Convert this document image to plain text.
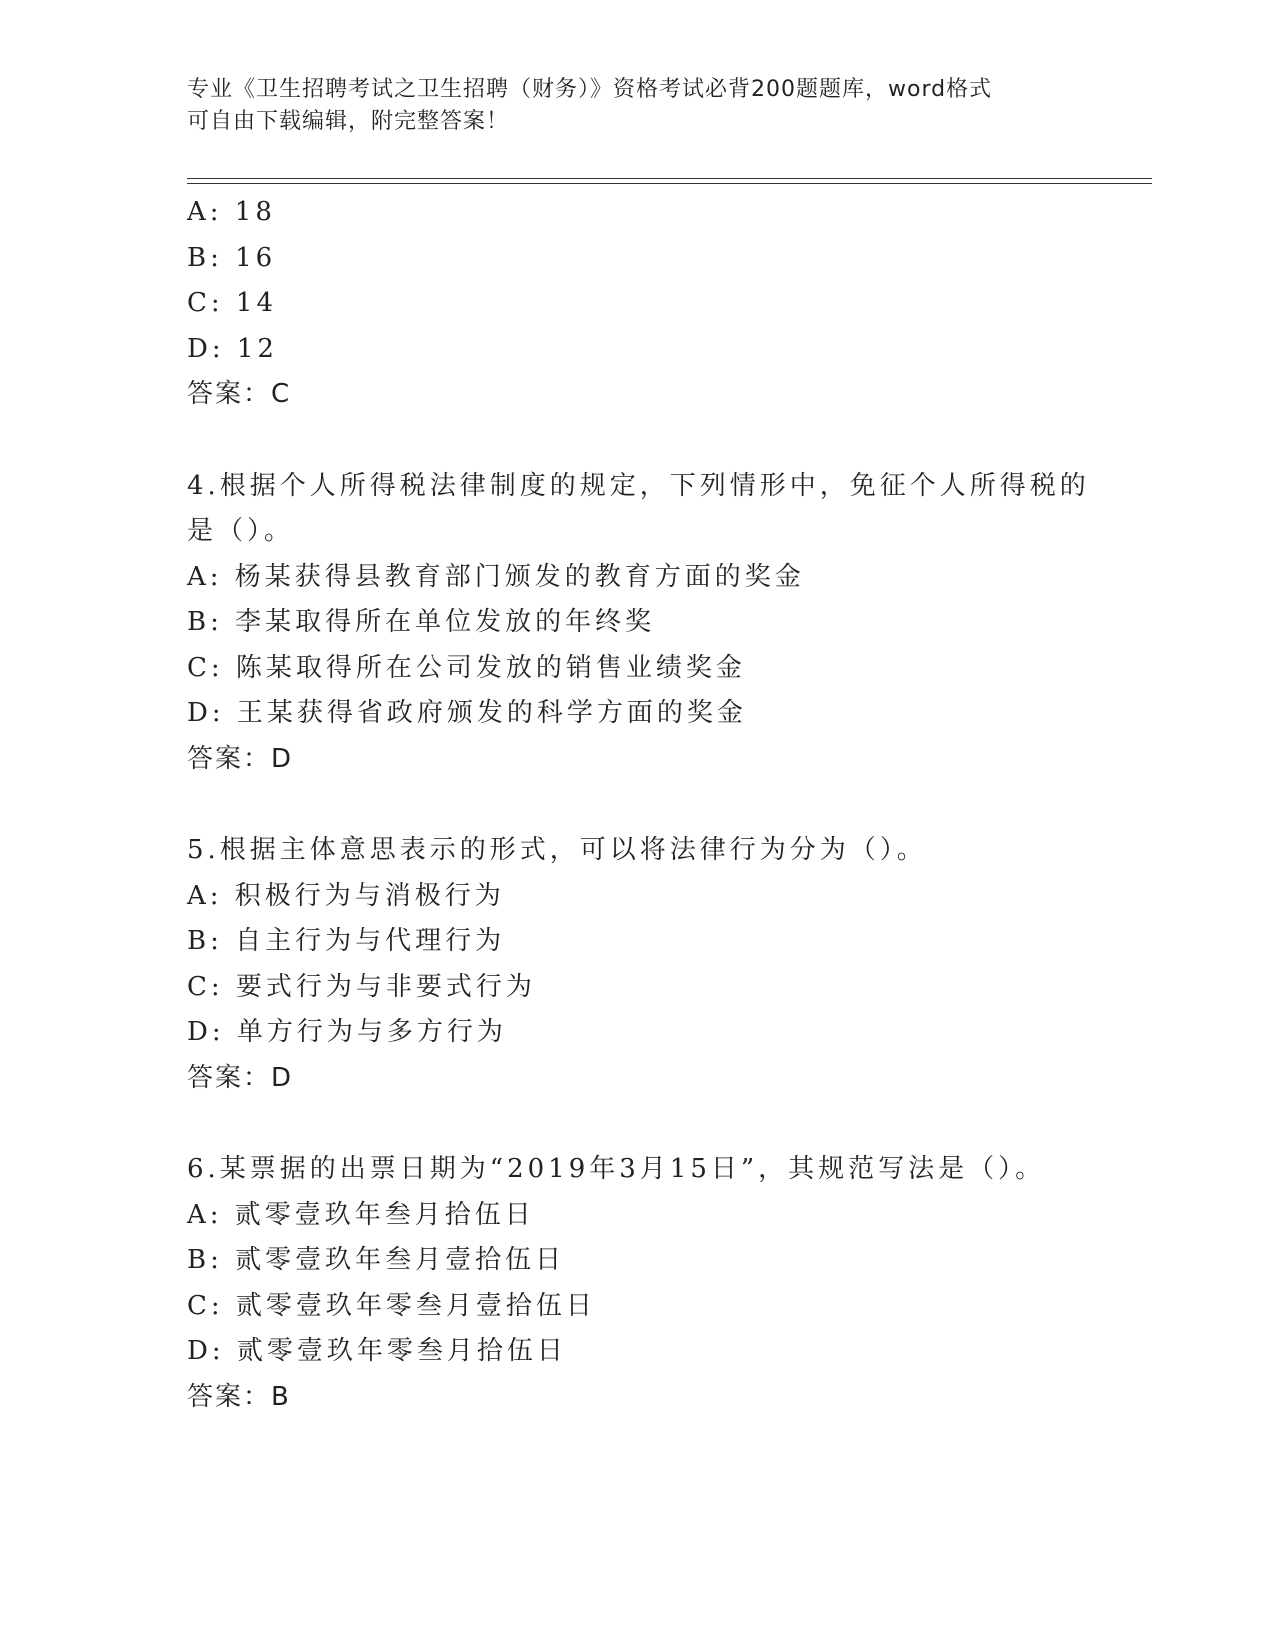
专业《卫生招聘考试之卫生招聘（财务）》资格考试必背200题题库，word格式
可自由下载编辑，附完整答案！
A: 18
B: 16
C: 14
D: 12
答案：C
4.根据个人所得税法律制度的规定，下列情形中，免征个人所得税的
是（）。
A: 杨某获得县教育部门颁发的教育方面的奖金
B: 李某取得所在单位发放的年终奖
C: 陈某取得所在公司发放的销售业绩奖金
D: 王某获得省政府颁发的科学方面的奖金
答案：D
5.根据主体意思表示的形式，可以将法律行为分为（）。
A: 积极行为与消极行为
B: 自主行为与代理行为
C: 要式行为与非要式行为
D: 单方行为与多方行为
答案：D
6.某票据的出票日期为“2019年3月15日”，其规范写法是（）。
A: 贰零壹玖年叁月拾伍日
B: 贰零壹玖年叁月壹拾伍日
C: 贰零壹玖年零叁月壹拾伍日
D: 贰零壹玖年零叁月拾伍日
答案：B
